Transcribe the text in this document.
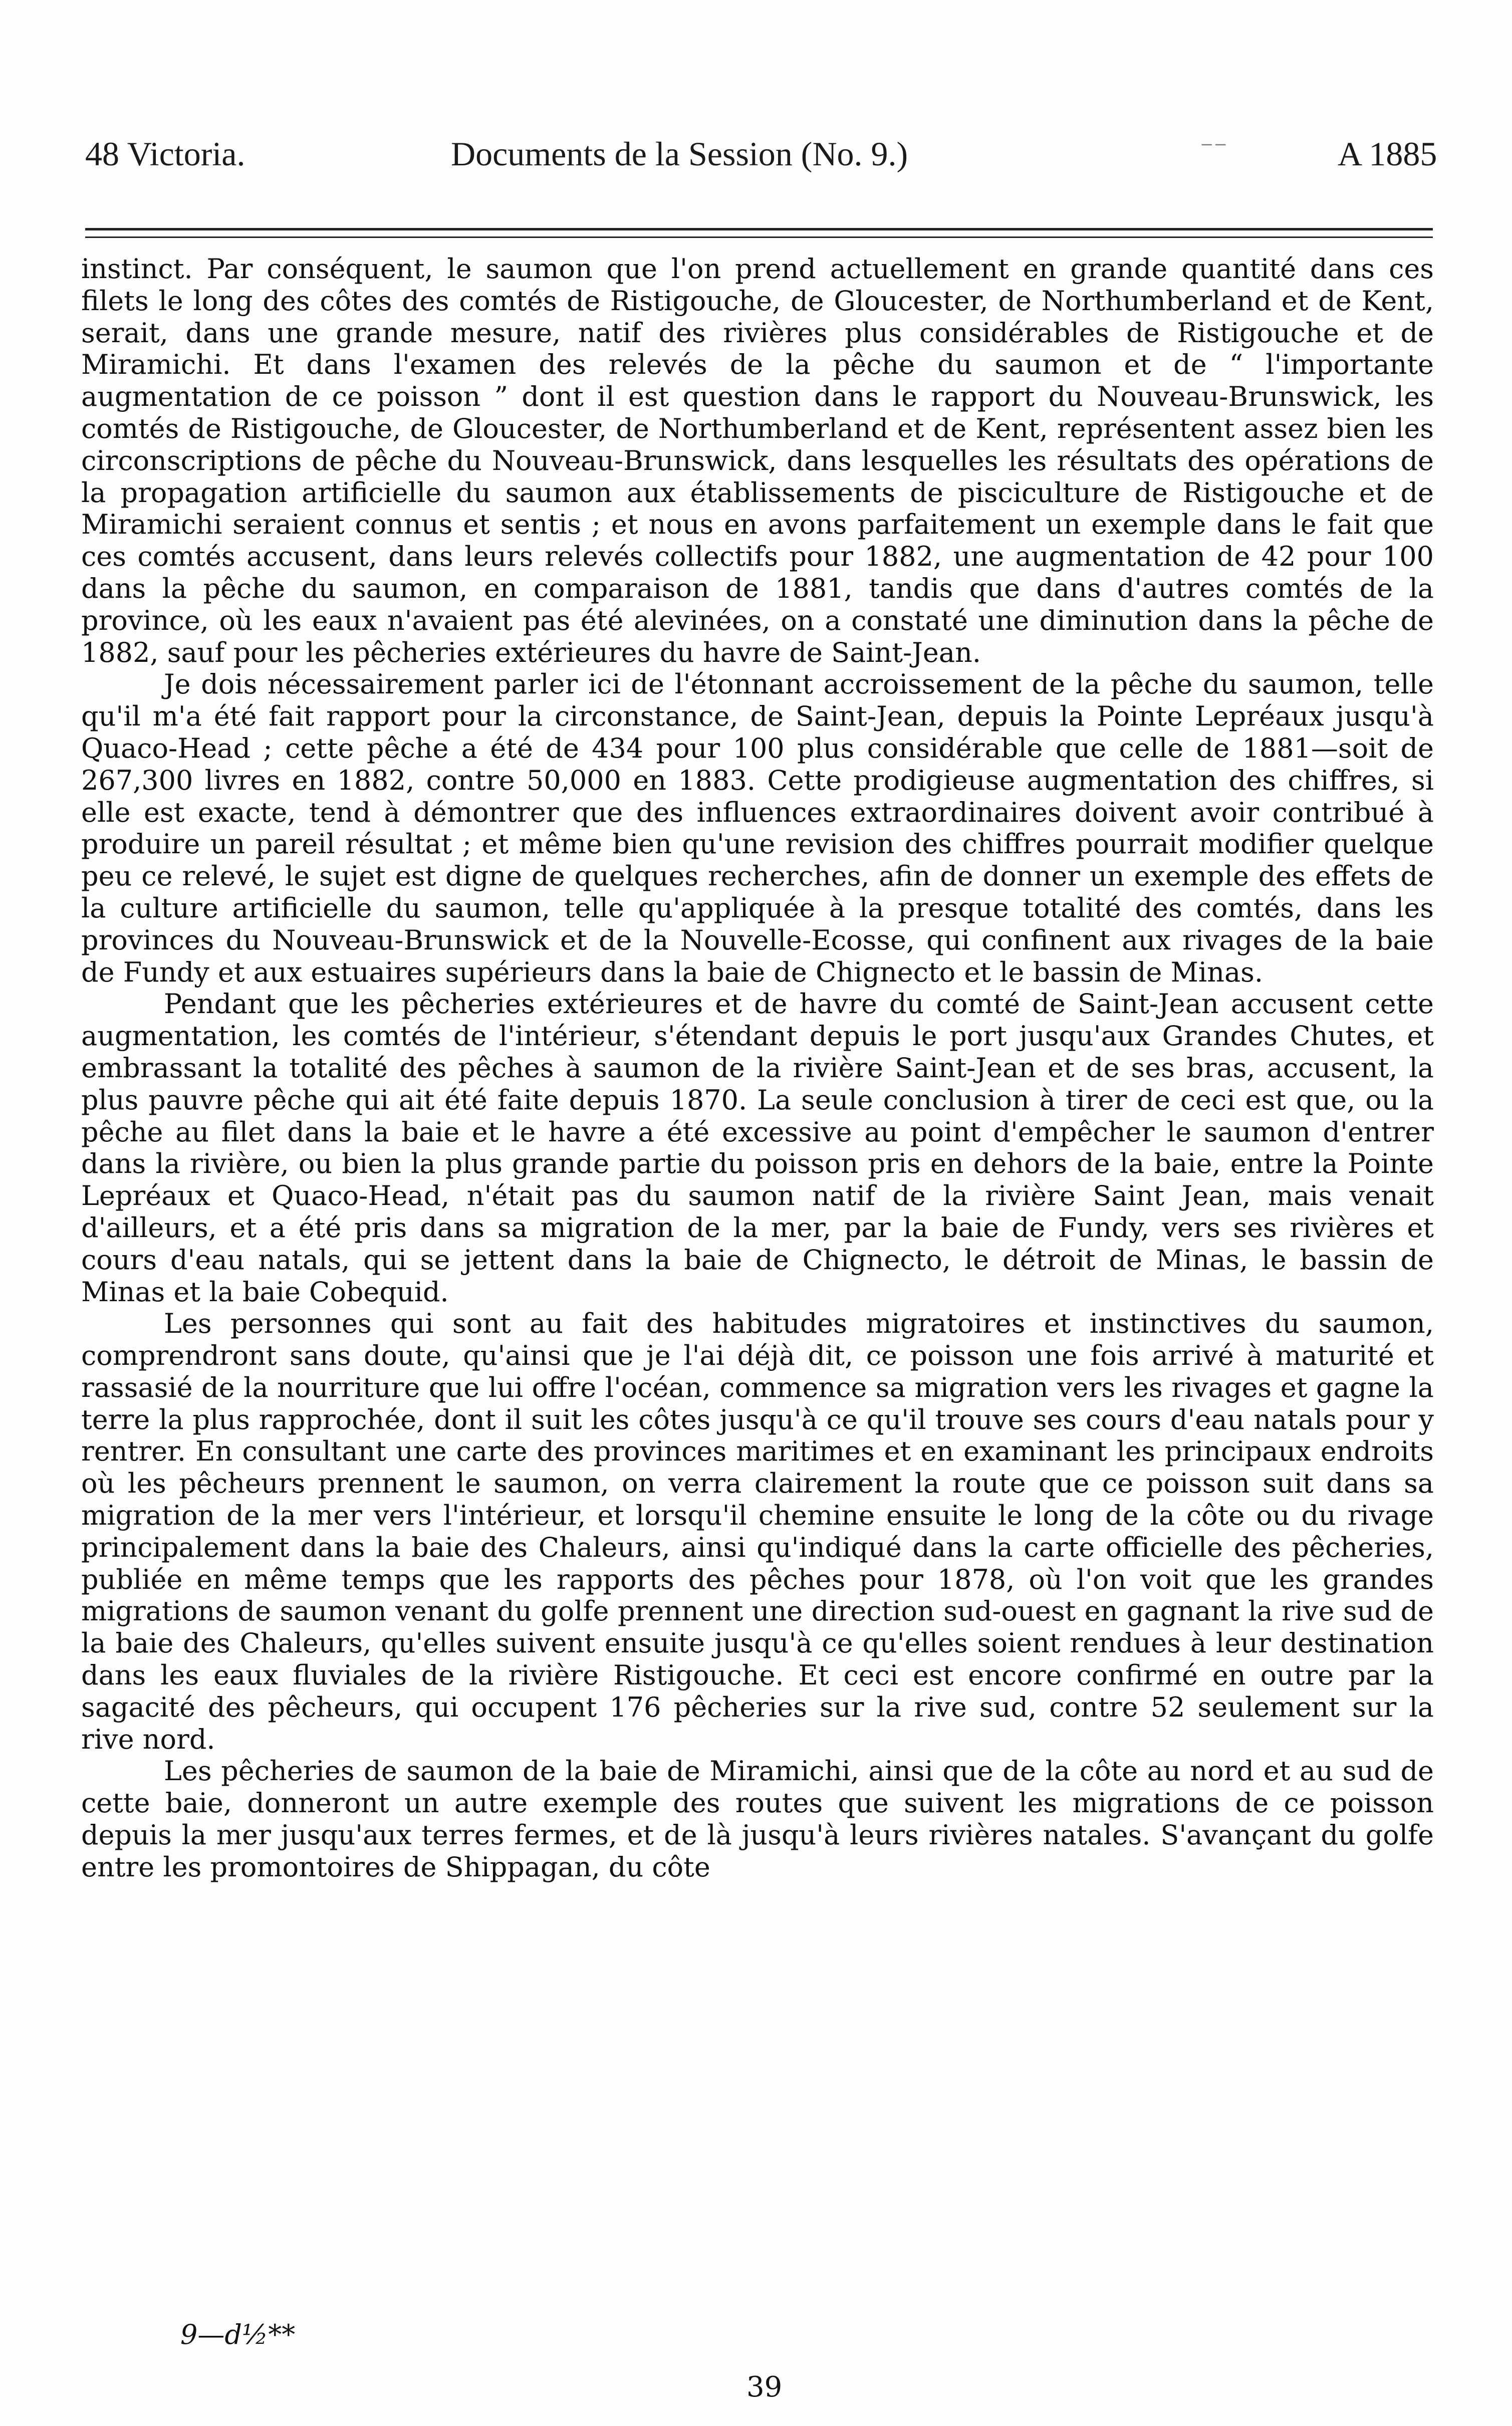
48 Victoria.	Documents de la Session (No. 9.)	⁻⁻	A 1885

instinct. Par conséquent, le saumon que l'on prend actuellement en grande quantité dans ces filets le long des côtes des comtés de Ristigouche, de Gloucester, de Northumberland et de Kent, serait, dans une grande mesure, natif des rivières plus considérables de Ristigouche et de Miramichi. Et dans l'examen des relevés de la pêche du saumon et de “ l'importante augmentation de ce poisson ” dont il est question dans le rapport du Nouveau-Brunswick, les comtés de Ristigouche, de Gloucester, de Northumberland et de Kent, représentent assez bien les circonscriptions de pêche du Nouveau-Brunswick, dans lesquelles les résultats des opérations de la propagation artificielle du saumon aux établissements de pisciculture de Ristigouche et de Miramichi seraient connus et sentis ; et nous en avons parfaitement un exemple dans le fait que ces comtés accusent, dans leurs relevés collectifs pour 1882, une augmentation de 42 pour 100 dans la pêche du saumon, en comparaison de 1881, tandis que dans d'autres comtés de la province, où les eaux n'avaient pas été alevinées, on a constaté une diminution dans la pêche de 1882, sauf pour les pêcheries extérieures du havre de Saint-Jean.

Je dois nécessairement parler ici de l'étonnant accroissement de la pêche du saumon, telle qu'il m'a été fait rapport pour la circonstance, de Saint-Jean, depuis la Pointe Lepréaux jusqu'à Quaco-Head ; cette pêche a été de 434 pour 100 plus considérable que celle de 1881—soit de 267,300 livres en 1882, contre 50,000 en 1883. Cette prodigieuse augmentation des chiffres, si elle est exacte, tend à démontrer que des influences extraordinaires doivent avoir contribué à produire un pareil résultat ; et même bien qu'une revision des chiffres pourrait modifier quelque peu ce relevé, le sujet est digne de quelques recherches, afin de donner un exemple des effets de la culture artificielle du saumon, telle qu'appliquée à la presque totalité des comtés, dans les provinces du Nouveau-Brunswick et de la Nouvelle-Ecosse, qui confinent aux rivages de la baie de Fundy et aux estuaires supérieurs dans la baie de Chignecto et le bassin de Minas.

Pendant que les pêcheries extérieures et de havre du comté de Saint-Jean accusent cette augmentation, les comtés de l'intérieur, s'étendant depuis le port jusqu'aux Grandes Chutes, et embrassant la totalité des pêches à saumon de la rivière Saint-Jean et de ses bras, accusent, la plus pauvre pêche qui ait été faite depuis 1870. La seule conclusion à tirer de ceci est que, ou la pêche au filet dans la baie et le havre a été excessive au point d'empêcher le saumon d'entrer dans la rivière, ou bien la plus grande partie du poisson pris en dehors de la baie, entre la Pointe Lepréaux et Quaco-Head, n'était pas du saumon natif de la rivière Saint Jean, mais venait d'ailleurs, et a été pris dans sa migration de la mer, par la baie de Fundy, vers ses rivières et cours d'eau natals, qui se jettent dans la baie de Chignecto, le détroit de Minas, le bassin de Minas et la baie Cobequid.

Les personnes qui sont au fait des habitudes migratoires et instinctives du saumon, comprendront sans doute, qu'ainsi que je l'ai déjà dit, ce poisson une fois arrivé à maturité et rassasié de la nourriture que lui offre l'océan, commence sa migration vers les rivages et gagne la terre la plus rapprochée, dont il suit les côtes jusqu'à ce qu'il trouve ses cours d'eau natals pour y rentrer. En consultant une carte des provinces maritimes et en examinant les principaux endroits où les pêcheurs prennent le saumon, on verra clairement la route que ce poisson suit dans sa migration de la mer vers l'intérieur, et lorsqu'il chemine ensuite le long de la côte ou du rivage principalement dans la baie des Chaleurs, ainsi qu'indiqué dans la carte officielle des pêcheries, publiée en même temps que les rapports des pêches pour 1878, où l'on voit que les grandes migrations de saumon venant du golfe prennent une direction sud-ouest en gagnant la rive sud de la baie des Chaleurs, qu'elles suivent ensuite jusqu'à ce qu'elles soient rendues à leur destination dans les eaux fluviales de la rivière Ristigouche. Et ceci est encore confirmé en outre par la sagacité des pêcheurs, qui occupent 176 pêcheries sur la rive sud, contre 52 seulement sur la rive nord.

Les pêcheries de saumon de la baie de Miramichi, ainsi que de la côte au nord et au sud de cette baie, donneront un autre exemple des routes que suivent les migrations de ce poisson depuis la mer jusqu'aux terres fermes, et de là jusqu'à leurs rivières natales. S'avançant du golfe entre les promontoires de Shippagan, du côte

9—d½**
39
